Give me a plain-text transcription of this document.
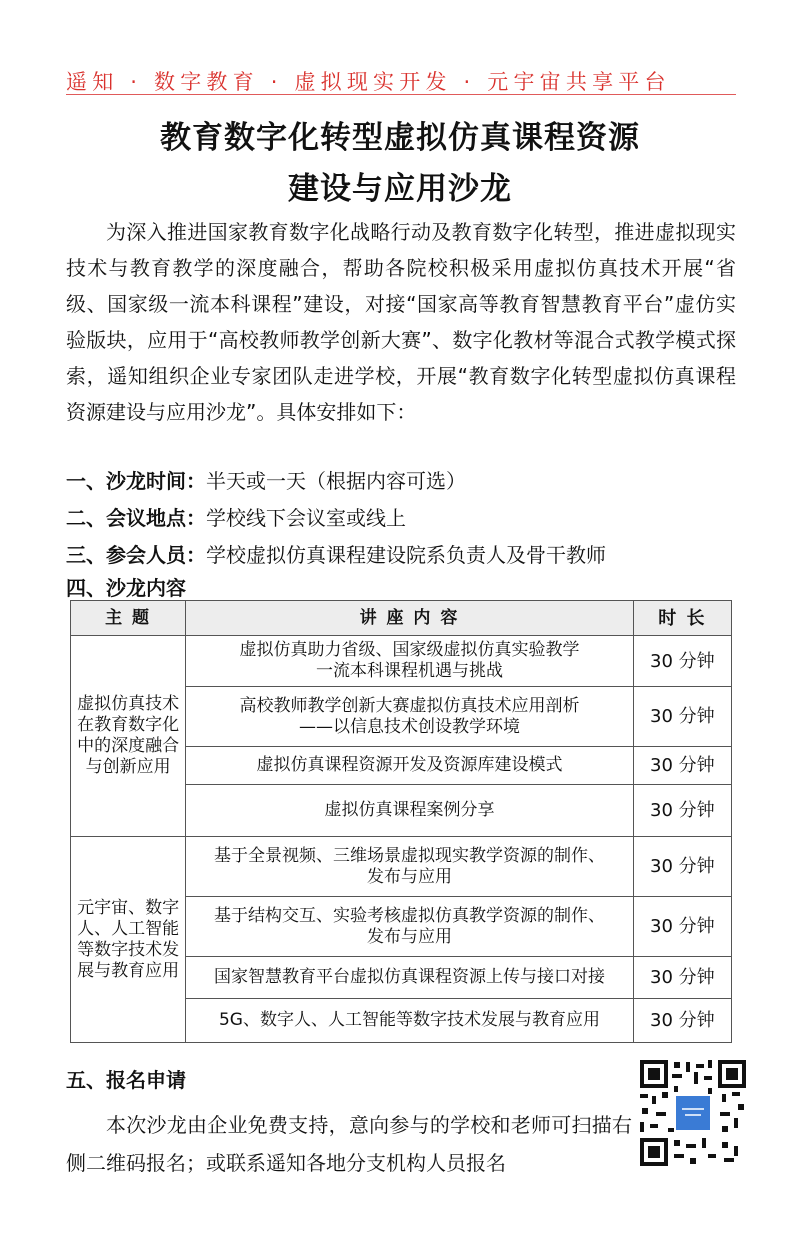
遥知 · 数字教育 · 虚拟现实开发 · 元宇宙共享平台
教育数字化转型虚拟仿真课程资源
建设与应用沙龙
为深入推进国家教育数字化战略行动及教育数字化转型，推进虚拟现实技术与教育教学的深度融合，帮助各院校积极采用虚拟仿真技术开展“省级、国家级一流本科课程”建设，对接“国家高等教育智慧教育平台”虚仿实验版块，应用于“高校教师教学创新大赛”、数字化教材等混合式教学模式探索，遥知组织企业专家团队走进学校，开展“教育数字化转型虚拟仿真课程资源建设与应用沙龙”。具体安排如下：
一、沙龙时间：半天或一天（根据内容可选）
二、会议地点：学校线下会议室或线上
三、参会人员：学校虚拟仿真课程建设院系负责人及骨干教师
四、沙龙内容
主 题	讲 座 内 容	时 长
虚拟仿真技术在教育数字化中的深度融合与创新应用	虚拟仿真助力省级、国家级虚拟仿真实验教学
一流本科课程机遇与挑战	30 分钟

	高校教师教学创新大赛虚拟仿真技术应用剖析
——以信息技术创设教学环境	30 分钟

	虚拟仿真课程资源开发及资源库建设模式	30 分钟

	虚拟仿真课程案例分享	30 分钟
元宇宙、数字人、人工智能等数字技术发展与教育应用	基于全景视频、三维场景虚拟现实教学资源的制作、
发布与应用	30 分钟

	基于结构交互、实验考核虚拟仿真教学资源的制作、
发布与应用	30 分钟

	国家智慧教育平台虚拟仿真课程资源上传与接口对接	30 分钟

	5G、数字人、人工智能等数字技术发展与教育应用	30 分钟
五、报名申请
本次沙龙由企业免费支持，意向参与的学校和老师可扫描右侧二维码报名；或联系遥知各地分支机构人员报名
